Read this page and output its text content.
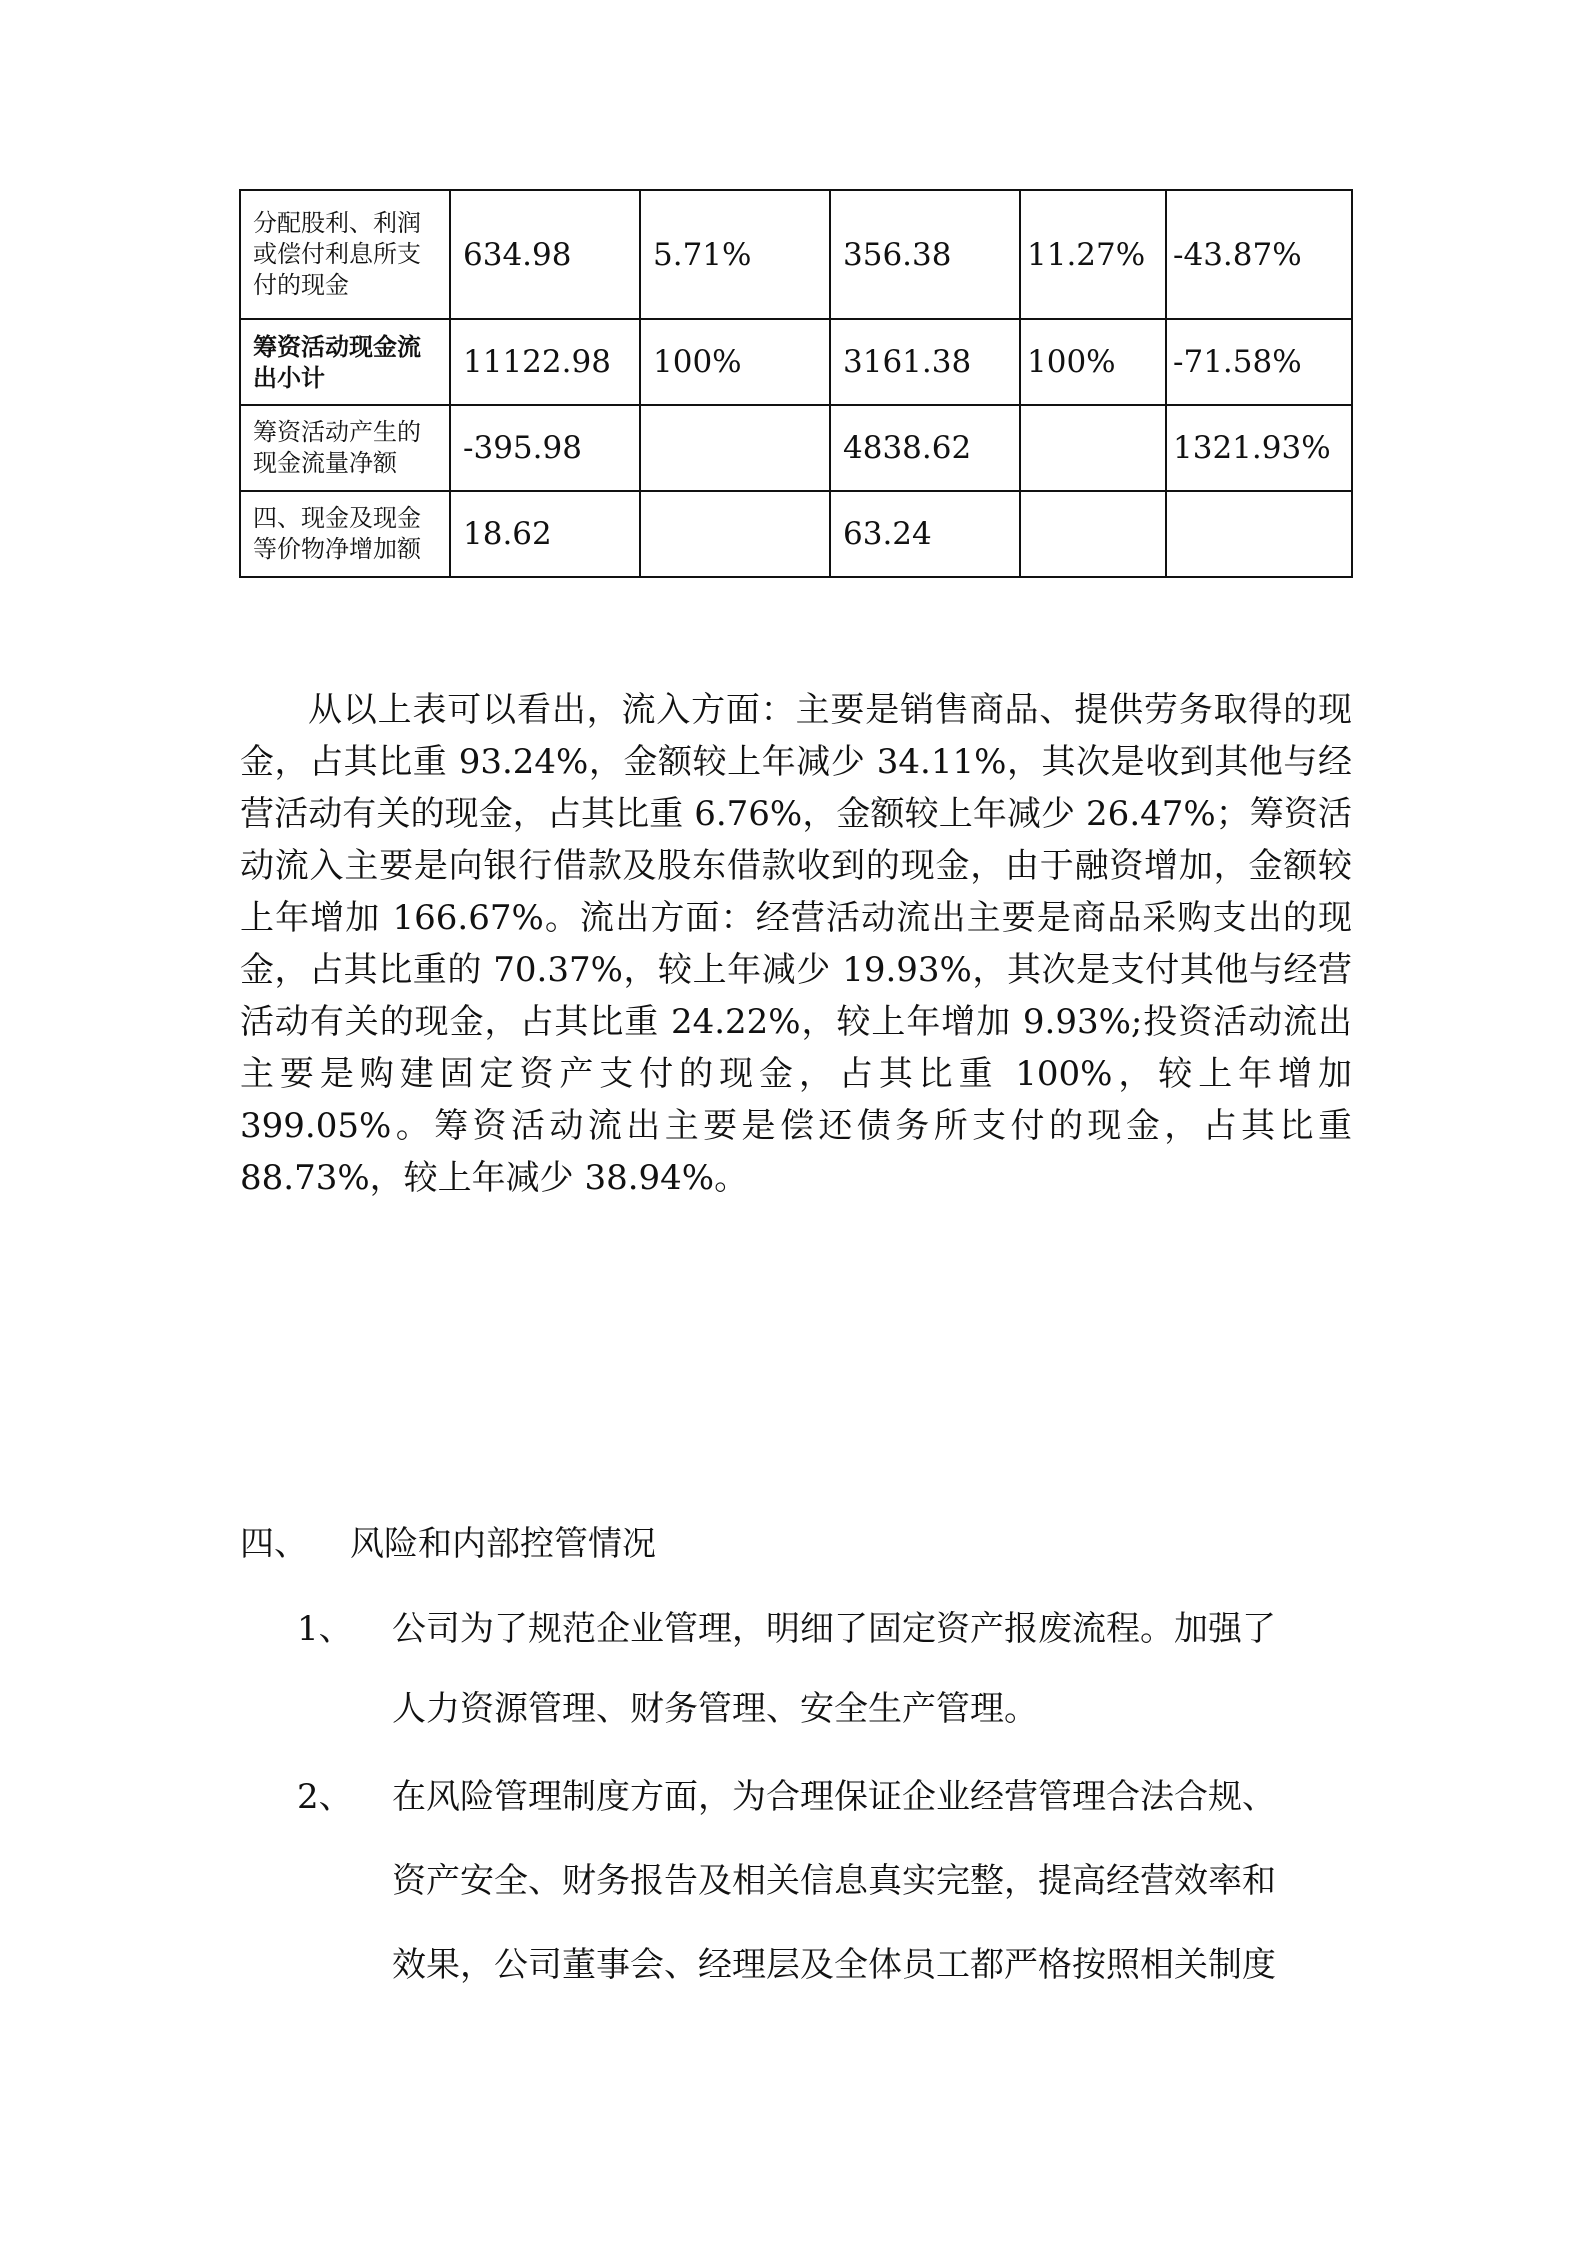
分配股利、利润或偿付利息所支付的现金	634.98	5.71%	356.38	11.27%	-43.87%
筹资活动现金流出小计	11122.98	100%	3161.38	100%	-71.58%
筹资活动产生的现金流量净额	-395.98		4838.62		1321.93%
四、现金及现金等价物净增加额	18.62		63.24		

从以上表可以看出，流入方面：主要是销售商品、提供劳务取得的现金，占其比重 93.24%，金额较上年减少 34.11%，其次是收到其他与经营活动有关的现金，占其比重 6.76%，金额较上年减少 26.47%；筹资活动流入主要是向银行借款及股东借款收到的现金，由于融资增加，金额较上年增加 166.67%。流出方面：经营活动流出主要是商品采购支出的现金，占其比重的 70.37%，较上年减少 19.93%，其次是支付其他与经营活动有关的现金，占其比重 24.22%，较上年增加 9.93%;投资活动流出主要是购建固定资产支付的现金，占其比重 100%，较上年增加 399.05%。筹资活动流出主要是偿还债务所支付的现金，占其比重 88.73%，较上年减少 38.94%。

四、 风险和内部控管情况

1、 公司为了规范企业管理，明细了固定资产报废流程。加强了

人力资源管理、财务管理、安全生产管理。

2、 在风险管理制度方面，为合理保证企业经营管理合法合规、

资产安全、财务报告及相关信息真实完整，提高经营效率和

效果，公司董事会、经理层及全体员工都严格按照相关制度
